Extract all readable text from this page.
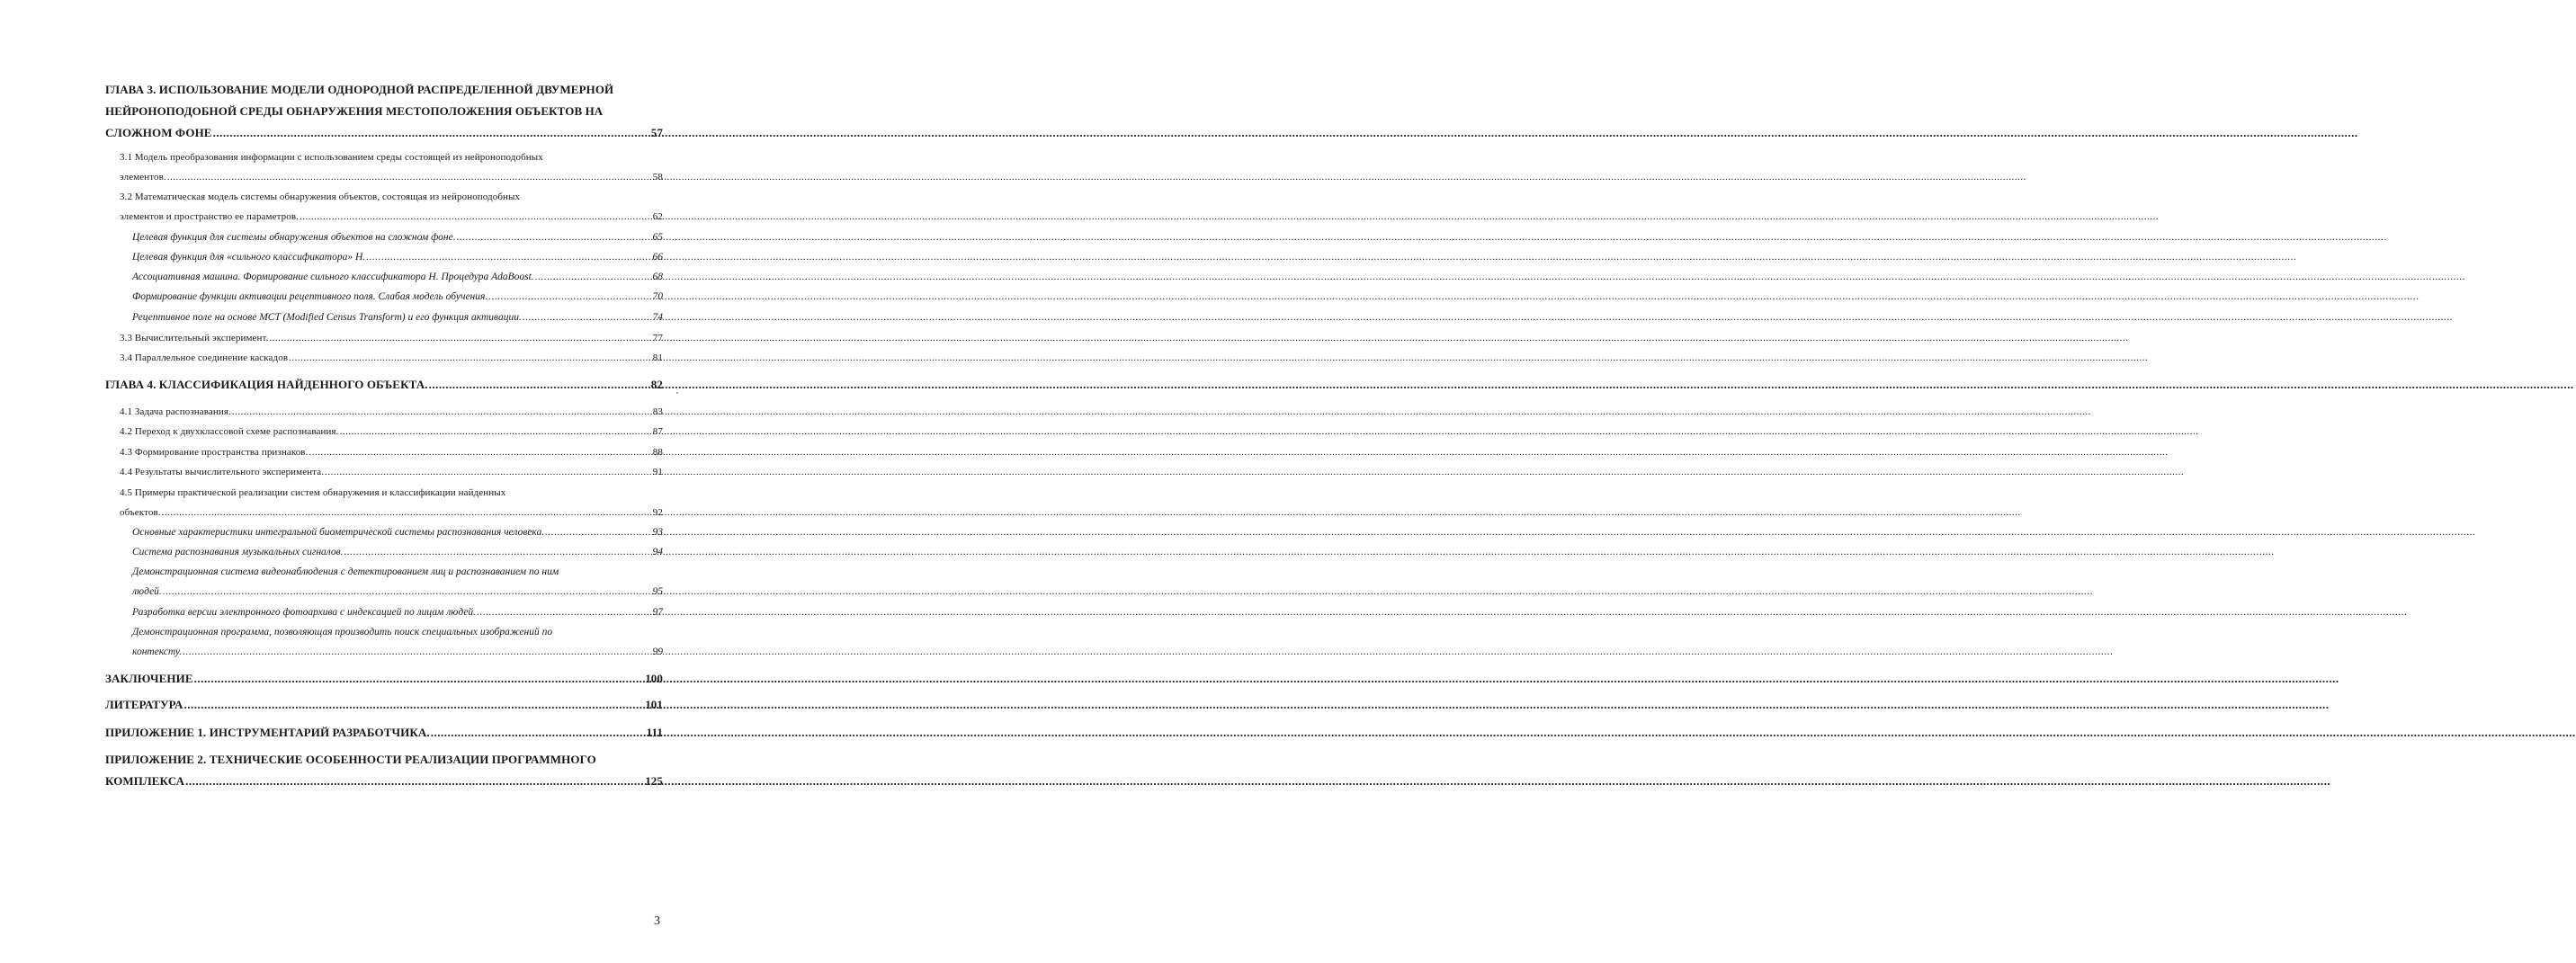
ГЛАВА 3. ИСПОЛЬЗОВАНИЕ МОДЕЛИ ОДНОРОДНОЙ РАСПРЕДЕЛЕННОЙ ДВУМЕРНОЙ
НЕЙРОНОПОДОБНОЙ СРЕДЫ ОБНАРУЖЕНИЯ МЕСТОПОЛОЖЕНИЯ ОБЪЕКТОВ НА
СЛОЖНОМ ФОНЕ .....	57
3.1 Модель преобразования информации с использованием среды состоящей из нейроноподобных
элементов. .....	58
3.2 Математическая модель системы обнаружения объектов, состоящая из нейроноподобных
элементов и пространство ее параметров. .....	62
Целевая функция для системы обнаружения объектов на сложном фоне. .....	65
Целевая функция для «сильного классификатора» H. .....	66
Ассоциативная машина. Формирование сильного классификатора H. Процедура AdaBoost. .....	68
Формирование функции активации рецептивного поля. Слабая модель обучения. .....	70
Рецептивное поле на основе MCT (Modified Census Transform) и его функция активации. .....	74
3.3 Вычислительный эксперимент. .....	77
3.4 Параллельное соединение каскадов .....	81
ГЛАВА 4. КЛАССИФИКАЦИЯ НАЙДЕННОГО ОБЪЕКТА. .....	82
4.1 Задача распознавания. .....	83
4.2 Переход к двухклассовой схеме распознавания. .....	87
4.3 Формирование пространства признаков. .....	88
4.4 Результаты вычислительного эксперимента. .....	91
4.5 Примеры практической реализации систем обнаружения и классификации найденных
объектов. .....	92
Основные характеристики интегральной биометрической системы распознавания человека. .....	93
Система распознавания музыкальных сигналов. .....	94
Демонстрационная система видеонаблюдения с детектированием лиц и распознаванием по ним
людей. .....	95
Разработка версии электронного фотоархива с индексацией по лицам людей. .....	97
Демонстрационная программа, позволяющая производить поиск специальных изображений по
контексту. .....	99
ЗАКЛЮЧЕНИЕ .....	100
ЛИТЕРАТУРА .....	101
ПРИЛОЖЕНИЕ 1. ИНСТРУМЕНТАРИЙ РАЗРАБОТЧИКА. .....	111
ПРИЛОЖЕНИЕ 2. ТЕХНИЧЕСКИЕ ОСОБЕННОСТИ РЕАЛИЗАЦИИ ПРОГРАММНОГО
КОМПЛЕКСА .....	125
3
